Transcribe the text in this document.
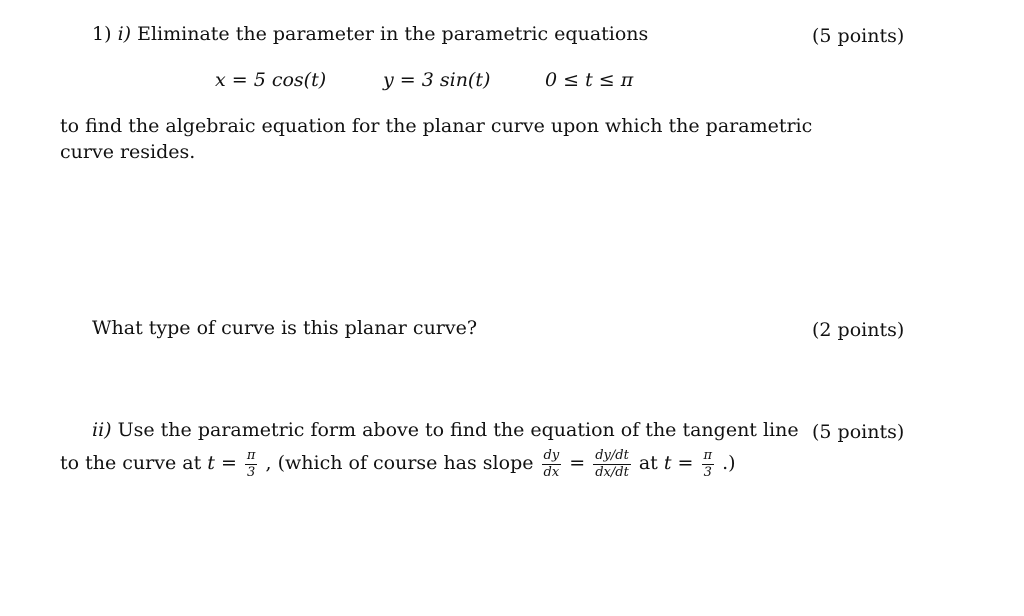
1) i) Eliminate the parameter in the parametric equations	(5 points)
x = 5 cos(t)	y = 3 sin(t)	0 ≤ t ≤ π
to find the algebraic equation for the planar curve upon which the parametric
curve resides.
What type of curve is this planar curve?	(2 points)
ii) Use the parametric form above to find the equation of the tangent line (5 points)
to the curve at $t = \frac{\pi}{3}$ , (which of course has slope $\frac{dy}{dx} = \frac{dy/dt}{dx/dt}$ at $t = \frac{\pi}{3}$ .)
